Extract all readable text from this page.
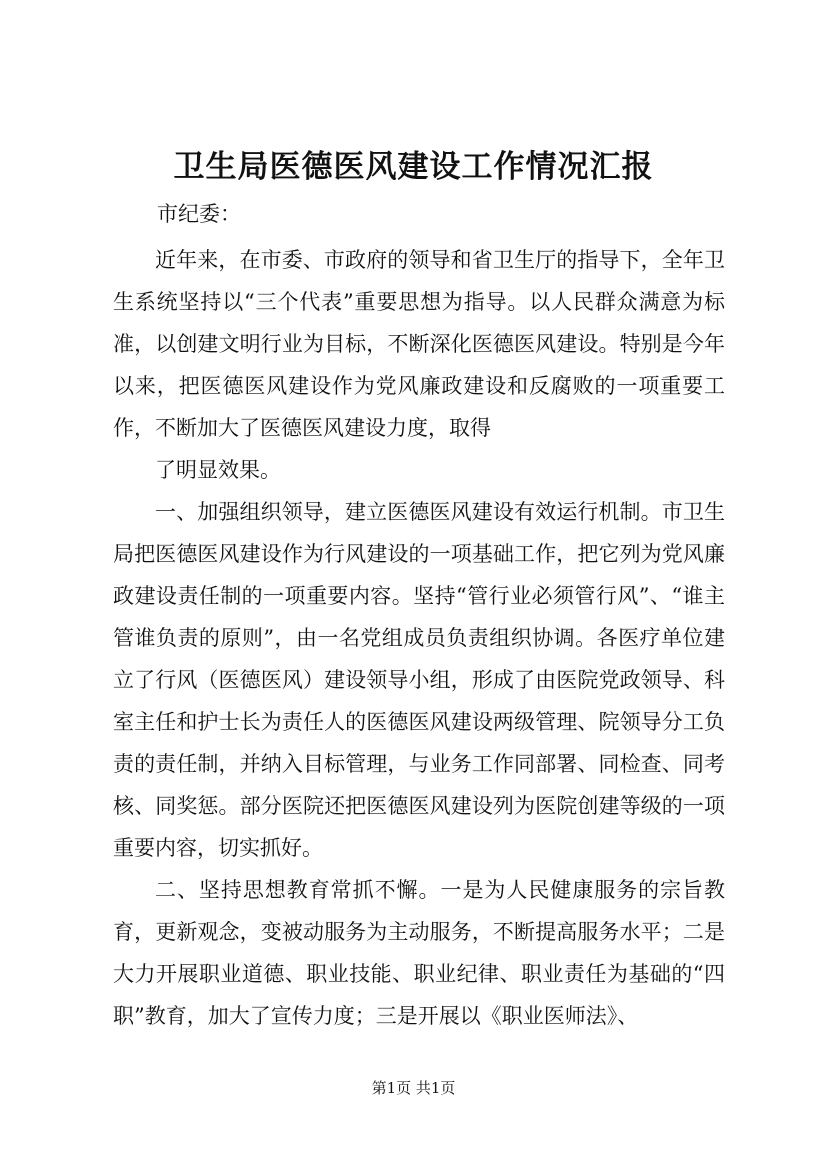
卫生局医德医风建设工作情况汇报

市纪委：

近年来，在市委、市政府的领导和省卫生厅的指导下，全年卫生系统坚持以“三个代表”重要思想为指导。以人民群众满意为标准，以创建文明行业为目标，不断深化医德医风建设。特别是今年以来，把医德医风建设作为党风廉政建设和反腐败的一项重要工作，不断加大了医德医风建设力度，取得

了明显效果。

一、加强组织领导，建立医德医风建设有效运行机制。市卫生局把医德医风建设作为行风建设的一项基础工作，把它列为党风廉政建设责任制的一项重要内容。坚持“管行业必须管行风”、“谁主管谁负责的原则”，由一名党组成员负责组织协调。各医疗单位建立了行风（医德医风）建设领导小组，形成了由医院党政领导、科室主任和护士长为责任人的医德医风建设两级管理、院领导分工负责的责任制，并纳入目标管理，与业务工作同部署、同检查、同考核、同奖惩。部分医院还把医德医风建设列为医院创建等级的一项重要内容，切实抓好。

二、坚持思想教育常抓不懈。一是为人民健康服务的宗旨教育，更新观念，变被动服务为主动服务，不断提高服务水平；二是大力开展职业道德、职业技能、职业纪律、职业责任为基础的“四职”教育，加大了宣传力度；三是开展以《职业医师法》、

第1页 共1页
